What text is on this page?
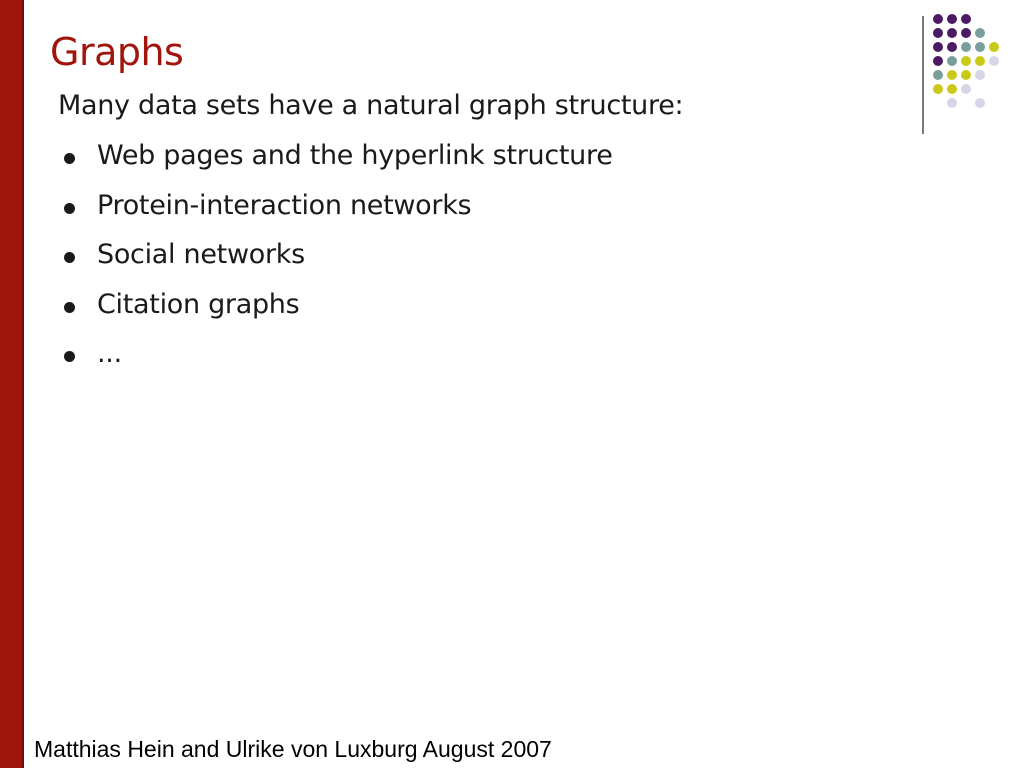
Graphs

Many data sets have a natural graph structure:

Web pages and the hyperlink structure
Protein-interaction networks
Social networks
Citation graphs
...

Matthias Hein and Ulrike von Luxburg August 2007
